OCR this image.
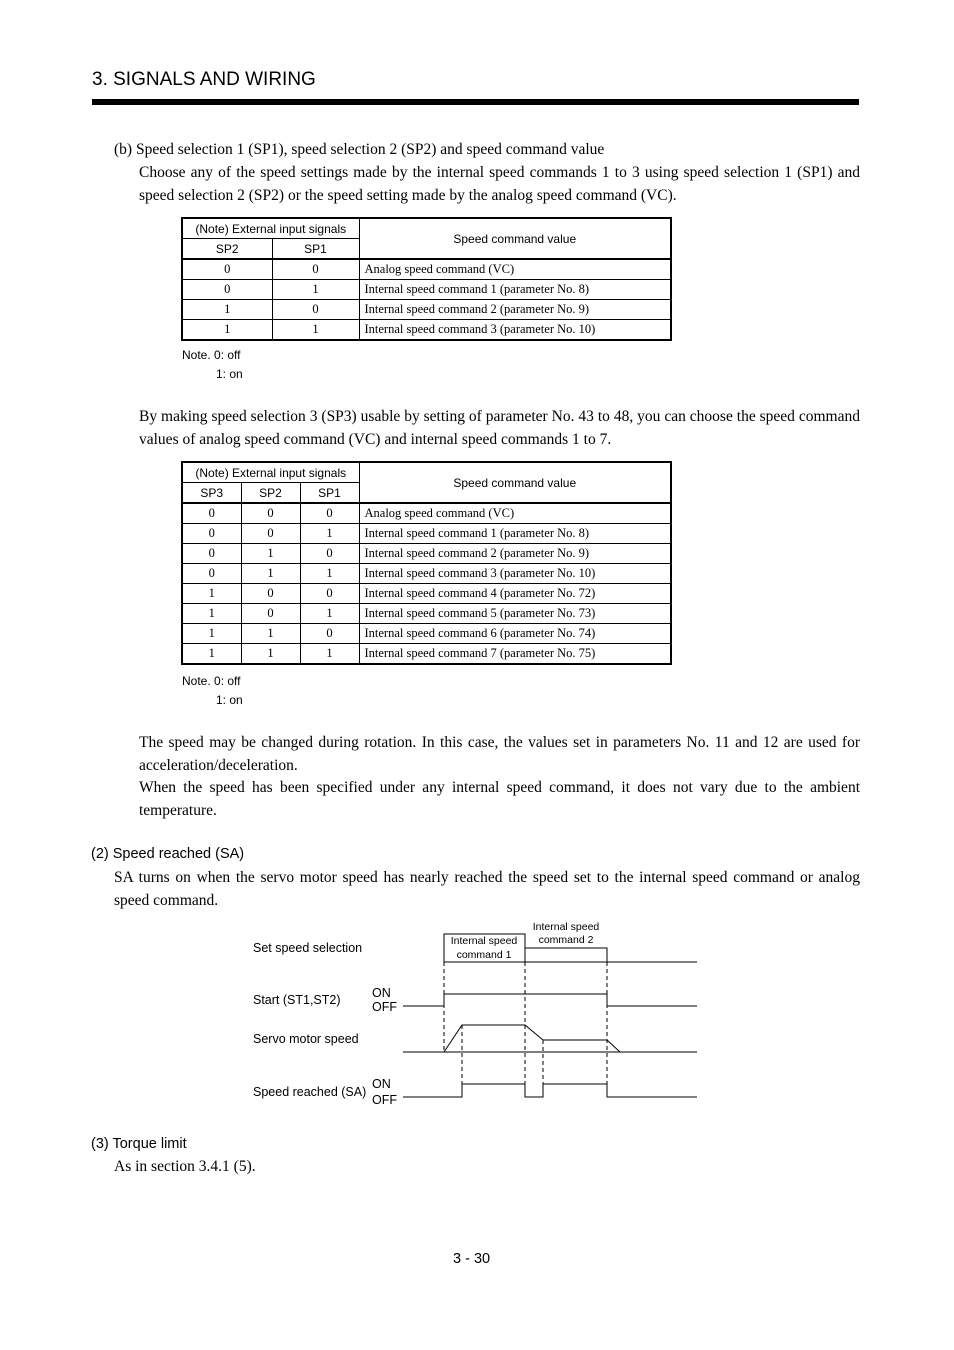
3. SIGNALS AND WIRING
(b) Speed selection 1 (SP1), speed selection 2 (SP2) and speed command value
Choose any of the speed settings made by the internal speed commands 1 to 3 using speed selection 1 (SP1) and speed selection 2 (SP2) or the speed setting made by the analog speed command (VC).
(Note) External input signals		Speed command value
SP2	SP1	
0	0	Analog speed command (VC)
0	1	Internal speed command 1 (parameter No. 8)
1	0	Internal speed command 2 (parameter No. 9)
1	1	Internal speed command 3 (parameter No. 10)
Note. 0: off
1: on
By making speed selection 3 (SP3) usable by setting of parameter No. 43 to 48, you can choose the speed command values of analog speed command (VC) and internal speed commands 1 to 7.
(Note) External input signals			Speed command value
SP3	SP2	SP1	
0	0	0	Analog speed command (VC)
0	0	1	Internal speed command 1 (parameter No. 8)
0	1	0	Internal speed command 2 (parameter No. 9)
0	1	1	Internal speed command 3 (parameter No. 10)
1	0	0	Internal speed command 4 (parameter No. 72)
1	0	1	Internal speed command 5 (parameter No. 73)
1	1	0	Internal speed command 6 (parameter No. 74)
1	1	1	Internal speed command 7 (parameter No. 75)
Note. 0: off
1: on
The speed may be changed during rotation. In this case, the values set in parameters No. 11 and 12 are used for acceleration/deceleration.
When the speed has been specified under any internal speed command, it does not vary due to the ambient temperature.
(2) Speed reached (SA)
SA turns on when the servo motor speed has nearly reached the speed set to the internal speed command or analog speed command.
Set speed selection
Start (ST1,ST2)
Servo motor speed
Speed reached (SA)
ON
OFF
ON
OFF
Internal speed
command 1
Internal speed
command 2
(3) Torque limit
As in section 3.4.1 (5).
3 - 30
